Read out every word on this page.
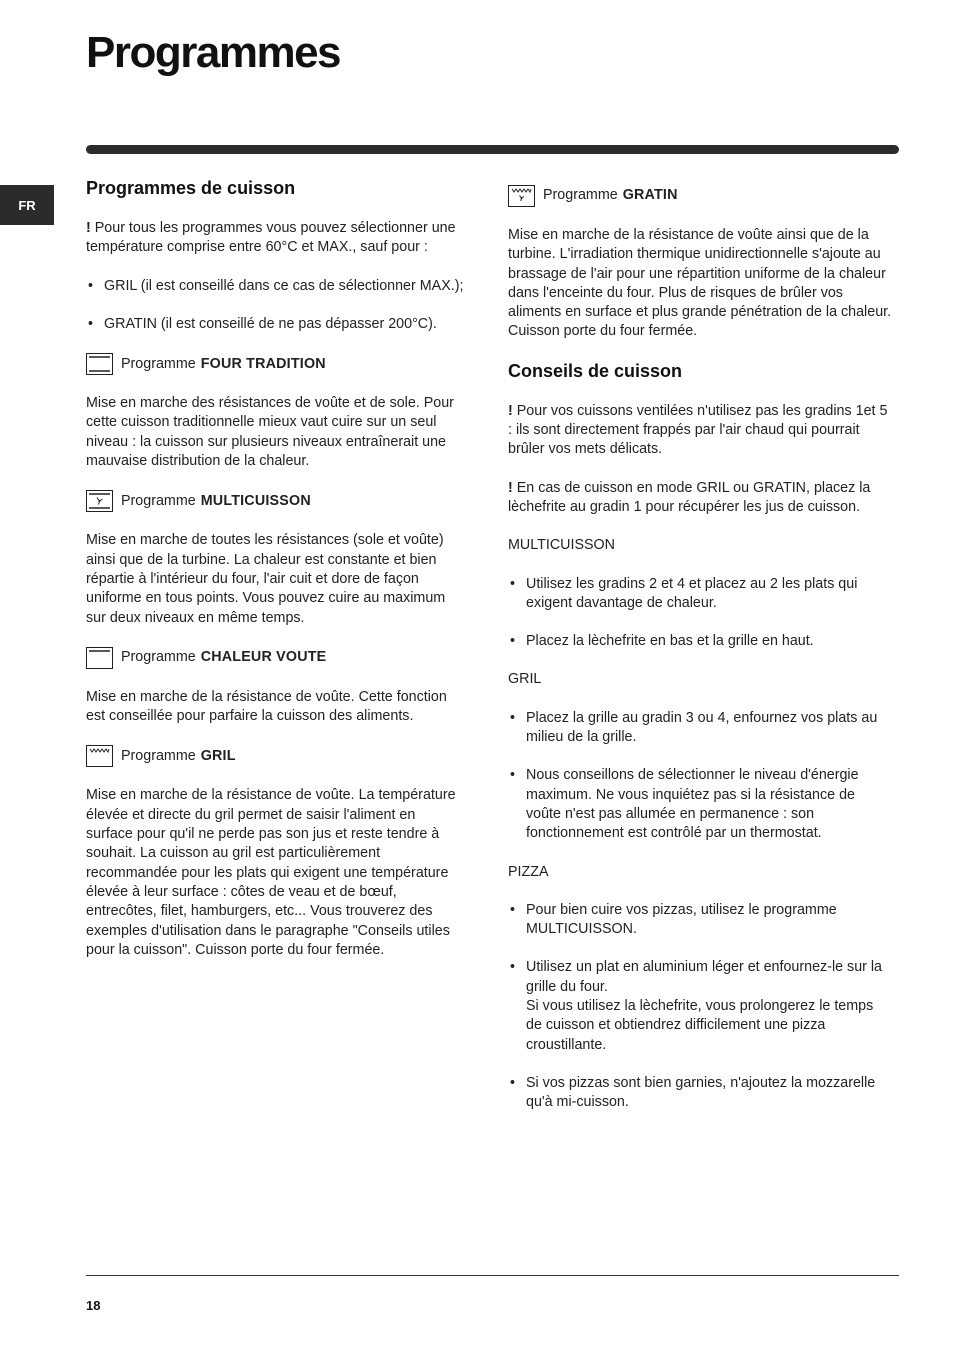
Programmes
FR
Programmes de cuisson

! Pour tous les programmes vous pouvez sélectionner une température comprise entre 60°C et MAX., sauf pour :

• GRIL (il est conseillé dans ce cas de sélectionner MAX.);
• GRATIN (il est conseillé de ne pas dépasser 200°C).
Programme FOUR TRADITION

Mise en marche des résistances de voûte et de sole. Pour cette cuisson traditionnelle mieux vaut cuire sur un seul niveau : la cuisson sur plusieurs niveaux entraînerait une mauvaise distribution de la chaleur.

Programme MULTICUISSON

Mise en marche de toutes les résistances (sole et voûte) ainsi que de la turbine. La chaleur est constante et bien répartie à l'intérieur du four, l'air cuit et dore de façon uniforme en tous points. Vous pouvez cuire au maximum sur deux niveaux en même temps.

Programme CHALEUR VOUTE

Mise en marche de la résistance de voûte. Cette fonction est conseillée pour parfaire la cuisson des aliments.

Programme GRIL

Mise en marche de la résistance de voûte. La température élevée et directe du gril permet de saisir l'aliment en surface pour qu'il ne perde pas son jus et reste tendre à souhait. La cuisson au gril est particulièrement recommandée pour les plats qui exigent une température élevée à leur surface : côtes de veau et de bœuf, entrecôtes, filet, hamburgers, etc... Vous trouverez des exemples d'utilisation dans le paragraphe "Conseils utiles pour la cuisson". Cuisson porte du four fermée.

Programme GRATIN

Mise en marche de la résistance de voûte ainsi que de la turbine. L'irradiation thermique unidirectionnelle s'ajoute au brassage de l'air pour une répartition uniforme de la chaleur dans l'enceinte du four. Plus de risques de brûler vos aliments en surface et plus grande pénétration de la chaleur. Cuisson porte du four fermée.

Conseils de cuisson

! Pour vos cuissons ventilées n'utilisez pas les gradins 1et 5 : ils sont directement frappés par l'air chaud qui pourrait brûler vos mets délicats.

! En cas de cuisson en mode GRIL ou GRATIN, placez la lèchefrite au gradin 1 pour récupérer les jus de cuisson.

MULTICUISSON
• Utilisez les gradins 2 et 4 et placez au 2 les plats qui exigent davantage de chaleur.
• Placez la lèchefrite en bas et la grille en haut.
GRIL
• Placez la grille au gradin 3 ou 4, enfournez vos plats au milieu de la grille.
• Nous conseillons de sélectionner le niveau d'énergie maximum. Ne vous inquiétez pas si la résistance de voûte n'est pas allumée en permanence : son fonctionnement est contrôlé par un thermostat.
PIZZA
• Pour bien cuire vos pizzas, utilisez le programme MULTICUISSON.
• Utilisez un plat en aluminium léger et enfournez-le sur la grille du four.
Si vous utilisez la lèchefrite, vous prolongerez le temps de cuisson et obtiendrez difficilement une pizza croustillante.
• Si vos pizzas sont bien garnies, n'ajoutez la mozzarelle qu'à mi-cuisson.
18
